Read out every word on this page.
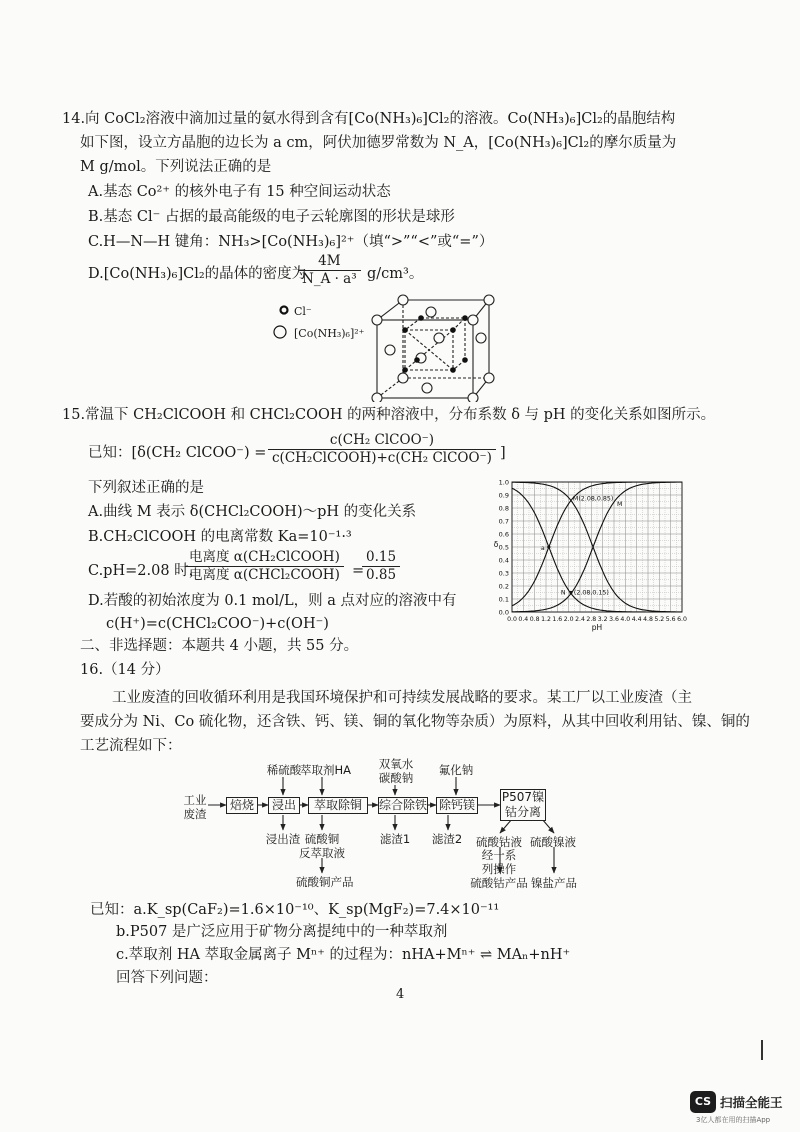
14.向 CoCl₂溶液中滴加过量的氨水得到含有[Co(NH₃)₆]Cl₂的溶液。Co(NH₃)₆]Cl₂的晶胞结构
如下图，设立方晶胞的边长为 a cm，阿伏加德罗常数为 N_A，[Co(NH₃)₆]Cl₂的摩尔质量为
M g/mol。下列说法正确的是
A.基态 Co²⁺ 的核外电子有 15 种空间运动状态
B.基态 Cl⁻ 占据的最高能级的电子云轮廓图的形状是球形
C.H—N—H 键角：NH₃>[Co(NH₃)₆]²⁺（填“>”“<”或“=”）
D.[Co(NH₃)₆]Cl₂的晶体的密度为
$\frac{4M}{\text{N\_A · a³}} g/cm^3$。
Cl⁻
[Co(NH₃)₆]²⁺
15.常温下 CH₂ClCOOH 和 CHCl₂COOH 的两种溶液中，分布系数 δ 与 pH 的变化关系如图所示。
已知：[δ(CH₂ ClCOO⁻) =
c(CH₂ ClCOO⁻)
c(CH₂ClCOOH)+c(CH₂ ClCOO⁻) ]
下列叙述正确的是
A.曲线 M 表示 δ(CHCl₂COOH)～pH 的变化关系
B.CH₂ClCOOH 的电离常数 Ka=10⁻¹·³
C.pH=2.08 时，
电离度 α(CH₂ClCOOH)
电离度 α(CHCl₂COOH) =
$\frac{0.15}{0.85}$
D.若酸的初始浓度为 0.1 mol/L，则 a 点对应的溶液中有
c(H⁺)=c(CHCl₂COO⁻)+c(OH⁻)	0.0 0.4 0.8 1.2 1.6 2.0 2.4 2.8 3.2 3.6 4.0 4.4 4.8 5.2 5.6 6.0
0.0
0.1
0.2
0.3
0.4
0.5
0.6
0.7
0.8
0.9
1.0
pH
δ	a
M(2.08,0.85)
N (2.08,0.15)
M
二、非选择题：本题共 4 小题，共 55 分。
16.（14 分）
工业废渣的回收循环利用是我国环境保护和可持续发展战略的要求。某工厂以工业废渣（主
要成分为 Ni、Co 硫化物，还含铁、钙、镁、铜的氧化物等杂质）为原料，从其中回收利用钴、镍、铜的
工艺流程如下：
工业
废渣
焙烧	浸出	萃取除铜	综合除铁 除钙镁
P507镍
钴分离
稀硫酸
萃取剂HA	双氧水
碳酸钠
氟化钠
浸出渣 硫酸铜
反萃取液
硫酸铜产品
滤渣1	滤渣2	硫酸钴液 硫酸镍液
经一系
列操作
硫酸钴产品 镍盐产品
已知：a.K_sp(CaF₂)=1.6×10⁻¹⁰、K_sp(MgF₂)=7.4×10⁻¹¹
b.P507 是广泛应用于矿物分离提纯中的一种萃取剂
c.萃取剂 HA 萃取金属离子 Mⁿ⁺ 的过程为：nHA+Mⁿ⁺ ⇌ MAₙ+nH⁺
回答下列问题：
4
CS 扫描全能王
3亿人都在用的扫描App
